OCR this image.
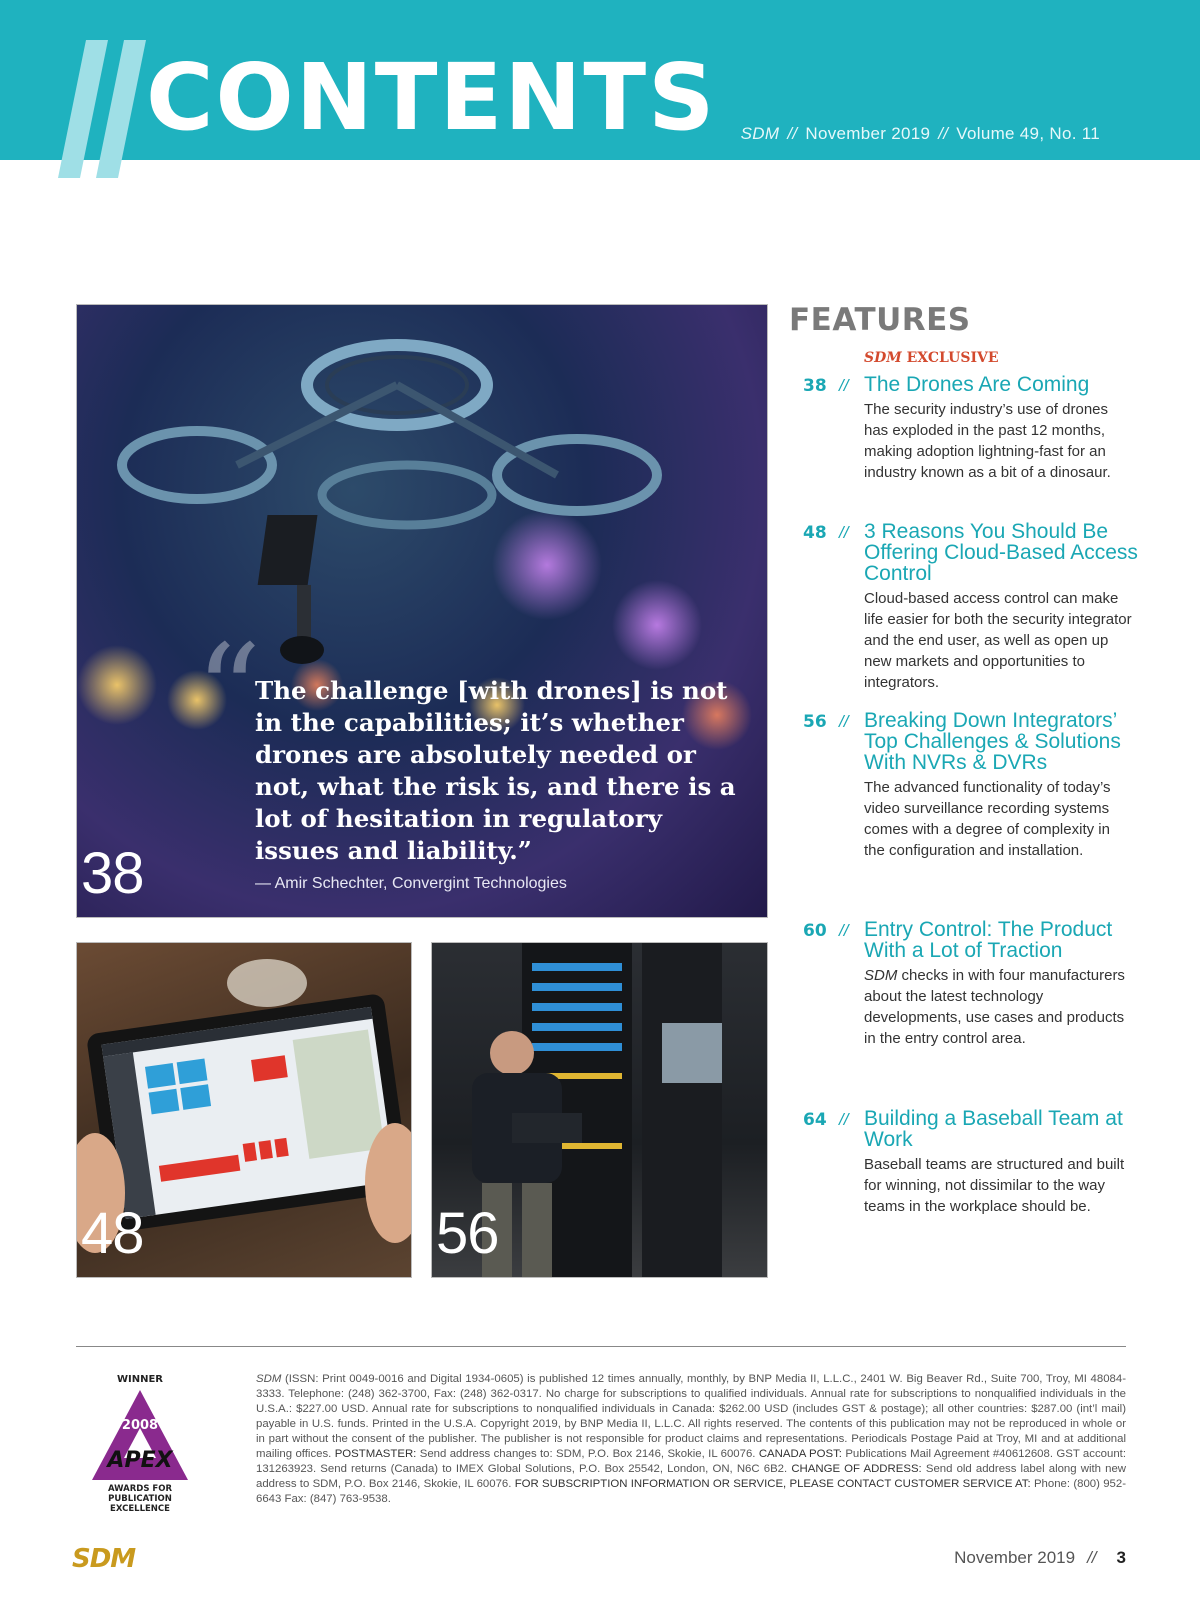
CONTENTS SDM // November 2019 // Volume 49, No. 11
“
The challenge [with drones] is not in the capabilities; it’s whether drones are absolutely needed or not, what the risk is, and there is a lot of hesitation in regulatory issues and liability.”
— Amir Schechter, Convergint Technologies
38
48	56
FEATURES
SDM EXCLUSIVE
38 // The Drones Are Coming
The security industry’s use of drones has exploded in the past 12 months, making adoption lightning-fast for an industry known as a bit of a dinosaur.
48 // 3 Reasons You Should Be Offering Cloud-Based Access Control
Cloud-based access control can make life easier for both the security integrator and the end user, as well as open up new markets and opportunities to integrators.
56 // Breaking Down Integrators’ Top Challenges & Solutions With NVRs & DVRs
The advanced functionality of today’s video surveillance recording systems comes with a degree of complexity in the configuration and installation.
60 // Entry Control: The Product With a Lot of Traction
SDM checks in with four manufacturers about the latest technology developments, use cases and products in the entry control area.
64 // Building a Baseball Team at Work
Baseball teams are structured and built for winning, not dissimilar to the way teams in the workplace should be.
WINNER
2008
APEX
AWARDS FOR
PUBLICATION EXCELLENCE
SDM (ISSN: Print 0049-0016 and Digital 1934-0605) is published 12 times annually, monthly, by BNP Media II, L.L.C., 2401 W. Big Beaver Rd., Suite 700, Troy, MI 48084-3333. Telephone: (248) 362-3700, Fax: (248) 362-0317. No charge for subscriptions to qualified individuals. Annual rate for subscriptions to nonqualified individuals in the U.S.A.: $227.00 USD. Annual rate for subscriptions to nonqualified individuals in Canada: $262.00 USD (includes GST & postage); all other countries: $287.00 (int’l mail) payable in U.S. funds. Printed in the U.S.A. Copyright 2019, by BNP Media II, L.L.C. All rights reserved. The contents of this publication may not be reproduced in whole or in part without the consent of the publisher. The publisher is not responsible for product claims and representations. Periodicals Postage Paid at Troy, MI and at additional mailing offices. POSTMASTER: Send address changes to: SDM, P.O. Box 2146, Skokie, IL 60076. CANADA POST: Publications Mail Agreement #40612608. GST account: 131263923. Send returns (Canada) to IMEX Global Solutions, P.O. Box 25542, London, ON, N6C 6B2. CHANGE OF ADDRESS: Send old address label along with new address to SDM, P.O. Box 2146, Skokie, IL 60076. FOR SUBSCRIPTION INFORMATION OR SERVICE, PLEASE CONTACT CUSTOMER SERVICE AT: Phone: (800) 952-6643 Fax: (847) 763-9538.
SDM	November 2019 // 3
